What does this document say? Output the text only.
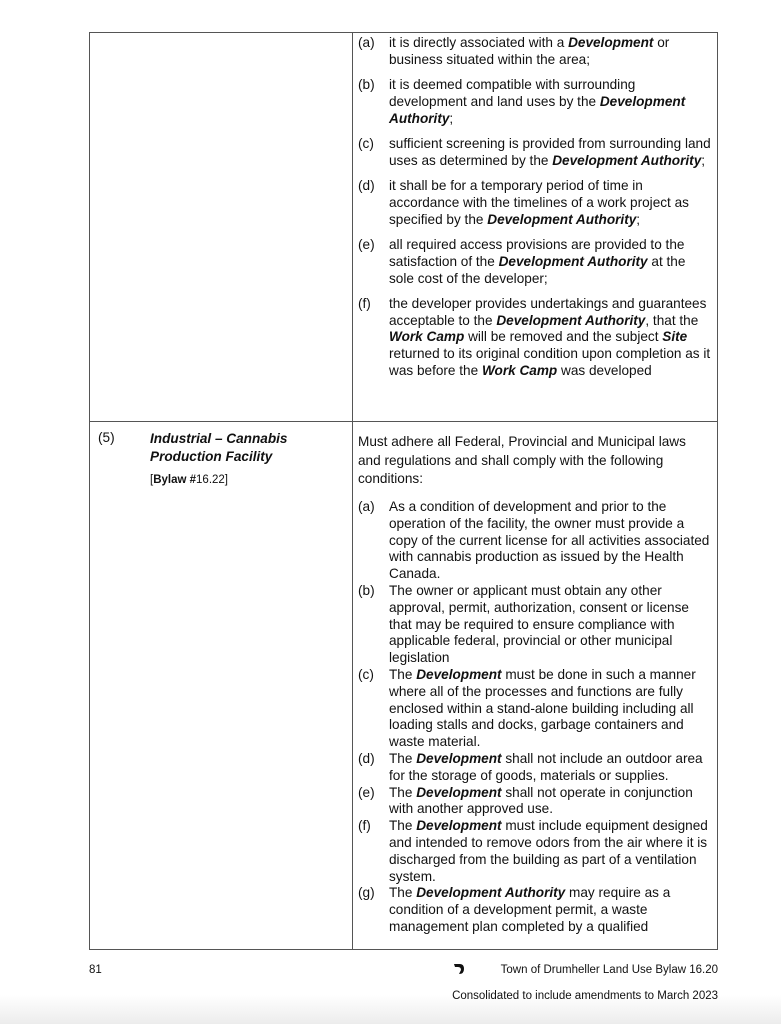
(a)	it is directly associated with a Development or business situated within the area;
(b)	it is deemed compatible with surrounding development and land uses by the Development Authority;
(c)	sufficient screening is provided from surrounding land uses as determined by the Development Authority;
(d)	it shall be for a temporary period of time in accordance with the timelines of a work project as specified by the Development Authority;
(e)	all required access provisions are provided to the satisfaction of the Development Authority at the sole cost of the developer;
(f)	the developer provides undertakings and guarantees acceptable to the Development Authority, that the Work Camp will be removed and the subject Site returned to its original condition upon completion as it was before the Work Camp was developed
(5)	Industrial – Cannabis Production Facility
[Bylaw #16.22]
Must adhere all Federal, Provincial and Municipal laws and regulations and shall comply with the following conditions:
(a)	As a condition of development and prior to the operation of the facility, the owner must provide a copy of the current license for all activities associated with cannabis production as issued by the Health Canada.
(b)	The owner or applicant must obtain any other approval, permit, authorization, consent or license that may be required to ensure compliance with applicable federal, provincial or other municipal legislation
(c)	The Development must be done in such a manner where all of the processes and functions are fully enclosed within a stand-alone building including all loading stalls and docks, garbage containers and waste material.
(d)	The Development shall not include an outdoor area for the storage of goods, materials or supplies.
(e)	The Development shall not operate in conjunction with another approved use.
(f)	The Development must include equipment designed and intended to remove odors from the air where it is discharged from the building as part of a ventilation system.
(g)	The Development Authority may require as a condition of a development permit, a waste management plan completed by a qualified
81	Town of Drumheller Land Use Bylaw 16.20
Consolidated to include amendments to March 2023
